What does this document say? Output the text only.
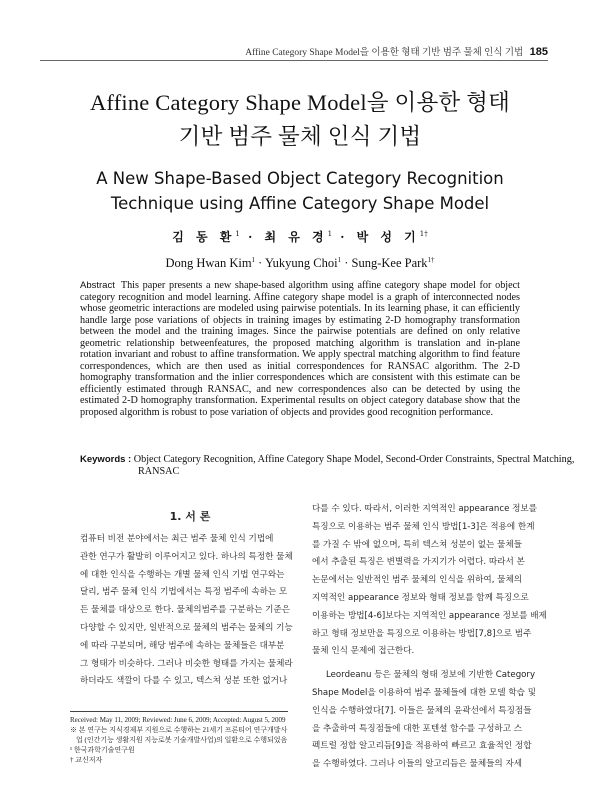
Affine Category Shape Model을 이용한 형태 기반 범주 물체 인식 기법 185
Affine Category Shape Model을 이용한 형태
기반 범주 물체 인식 기법
A New Shape-Based Object Category Recognition
Technique using Affine Category Shape Model
김 동 환$^1$ · 최 유 경$^1$ · 박 성 기$^{1\dagger}$
Dong Hwan Kim$^1$ · Yukyung Choi$^1$ · Sung-Kee Park$^{1\dagger}$
Abstract This paper presents a new shape-based algorithm using affine category shape model for object category recognition and model learning. Affine category shape model is a graph of interconnected nodes whose geometric interactions are modeled using pairwise potentials. In its learning phase, it can efficiently handle large pose variations of objects in training images by estimating 2-D homography transformation between the model and the training images. Since the pairwise potentials are defined on only relative geometric relationship betweenfeatures, the proposed matching algorithm is translation and in-plane rotation invariant and robust to affine transformation. We apply spectral matching algorithm to find feature correspondences, which are then used as initial correspondences for RANSAC algorithm. The 2-D homography transformation and the inlier correspondences which are consistent with this estimate can be efficiently estimated through RANSAC, and new correspondences also can be detected by using the estimated 2-D homography transformation. Experimental results on object category database show that the proposed algorithm is robust to pose variation of objects and provides good recognition performance.
Keywords : Object Category Recognition, Affine Category Shape Model, Second-Order Constraints, Spectral Matching, RANSAC
1. 서 론
컴퓨터 비전 분야에서는 최근 범주 물체 인식 기법에
관한 연구가 활발히 이루어지고 있다. 하나의 특정한 물체
에 대한 인식을 수행하는 개별 물체 인식 기법 연구와는
달리, 범주 물체 인식 기법에서는 특정 범주에 속하는 모
든 물체를 대상으로 한다. 물체의범주를 구분하는 기준은
다양할 수 있지만, 일반적으로 물체의 범주는 물체의 기능
에 따라 구분되며, 해당 범주에 속하는 물체들은 대부분
그 형태가 비슷하다. 그러나 비슷한 형태를 가지는 물체라
하더라도 색깔이 다를 수 있고, 텍스쳐 성분 또한 없거나
다를 수 있다. 따라서, 이러한 지역적인 appearance 정보를
특징으로 이용하는 범주 물체 인식 방법[1-3]은 적용에 한계
를 가질 수 밖에 없으며, 특히 텍스쳐 성분이 없는 물체들
에서 추출된 특징은 변별력을 가지기가 어렵다. 따라서 본
논문에서는 일반적인 범주 물체의 인식을 위하여, 물체의
지역적인 appearance 정보와 형태 정보를 함께 특징으로
이용하는 방법[4-6]보다는 지역적인 appearance 정보를 배제
하고 형태 정보만을 특징으로 이용하는 방법[7,8]으로 범주
물체 인식 문제에 접근한다.
Leordeanu 등은 물체의 형태 정보에 기반한 Category
Shape Model을 이용하여 범주 물체들에 대한 모델 학습 및
인식을 수행하였다[7]. 이들은 물체의 윤곽선에서 특징점들
을 추출하여 특징점들에 대한 포텐셜 함수를 구성하고 스
펙트럴 정합 알고리듬[9]을 적용하여 빠르고 효율적인 정합
을 수행하였다. 그러나 이들의 알고리듬은 물체들의 자세
Received: May 11, 2009; Reviewed: June 6, 2009; Accepted: August 5, 2009
※ 본 연구는 지식경제부 지원으로 수행하는 21세기 프론티어 연구개발사
업 (인간기능 생활지원 지능로봇 기술개발사업)의 일환으로 수행되었음
¹ 한국과학기술연구원
† 교신저자
